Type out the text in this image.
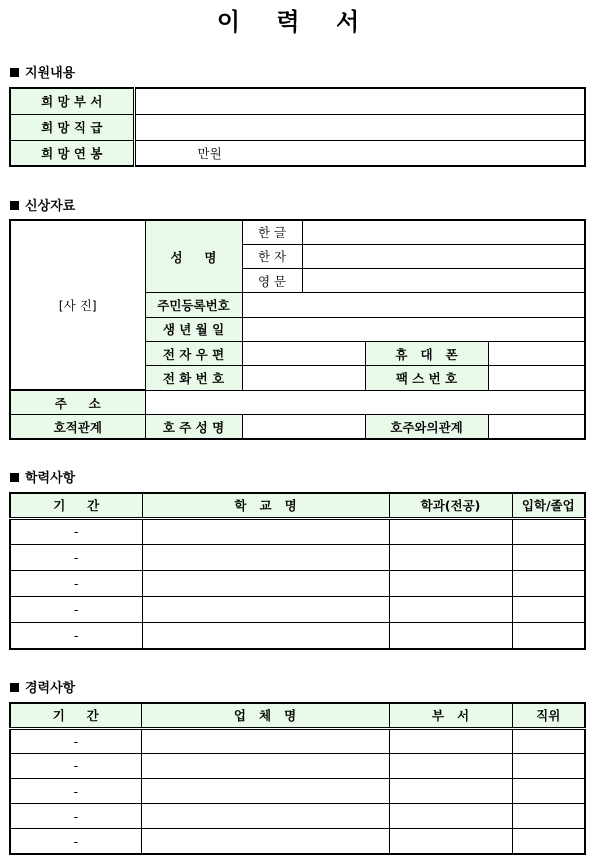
이 력 서
지원내용
희 망 부 서	
희 망 직 급	
희 망 연 봉	만원
신상자료
[사 진]	성     명	한 글			
		한 자			
		영 문			
	주민등록번호				
	생 년 월 일				
	전 자 우 편			휴   대   폰	
	전 화 번 호			팩 스 번 호	
주     소					
호적관계	호 주 성 명			호주와의관계	
학력사항
기     간	학   교   명	학과(전공)	입학/졸업
-			
-			
-			
-			
-			
경력사항
기     간	업   체   명	부   서	직위
-			
-			
-			
-			
-			
